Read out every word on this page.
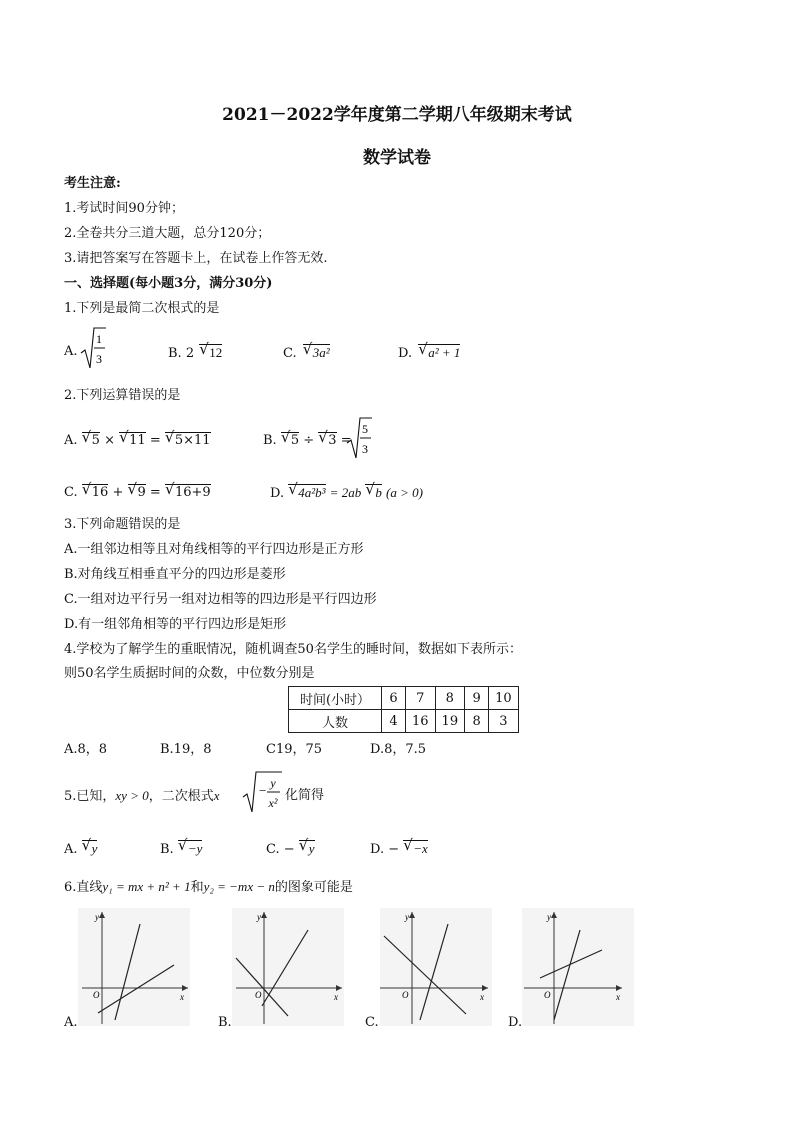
2021－2022学年度第二学期八年级期末考试
数学试卷
考生注意:
1.考试时间90分钟；
2.全卷共分三道大题，总分120分；
3.请把答案写在答题卡上，在试卷上作答无效.
一、选择题(每小题3分，满分30分)
1.下列是最简二次根式的是
A.
1
3	B. 2 √ 12	C. √ 3a²	D. √ a² + 1
2.下列运算错误的是
A. √ 5 × √ 11 = √ 5×11	B. √ 5 ÷ √ 3 =
5
3
C. √ 16 + √ 9 = √ 16+9	D. √ 4a²b³ = 2ab √ b (a > 0)
3.下列命题错误的是
A.一组邻边相等且对角线相等的平行四边形是正方形
B.对角线互相垂直平分的四边形是菱形
C.一组对边平行另一组对边相等的四边形是平行四边形
D.有一组邻角相等的平行四边形是矩形
4.学校为了解学生的重眠情况，随机调查50名学生的睡时间，数据如下表所示：
则50名学生质据时间的众数，中位数分别是
时间(小时）	6	7	8	9	10
人数	4	16	19	8	3
A.8，8	B.19，8	C19，75	D.8，7.5
5.已知，xy > 0，二次根式x	− y
x² 化简得
A. √ y	B. √ −y	C. − √ y	D. − √ −x
6.直线y₁ = mx + n² + 1和y₂ = −mx − n的图象可能是
y
x
O
A.
y
x
O
B.
y
x
O
C.
y
x
O
D.
